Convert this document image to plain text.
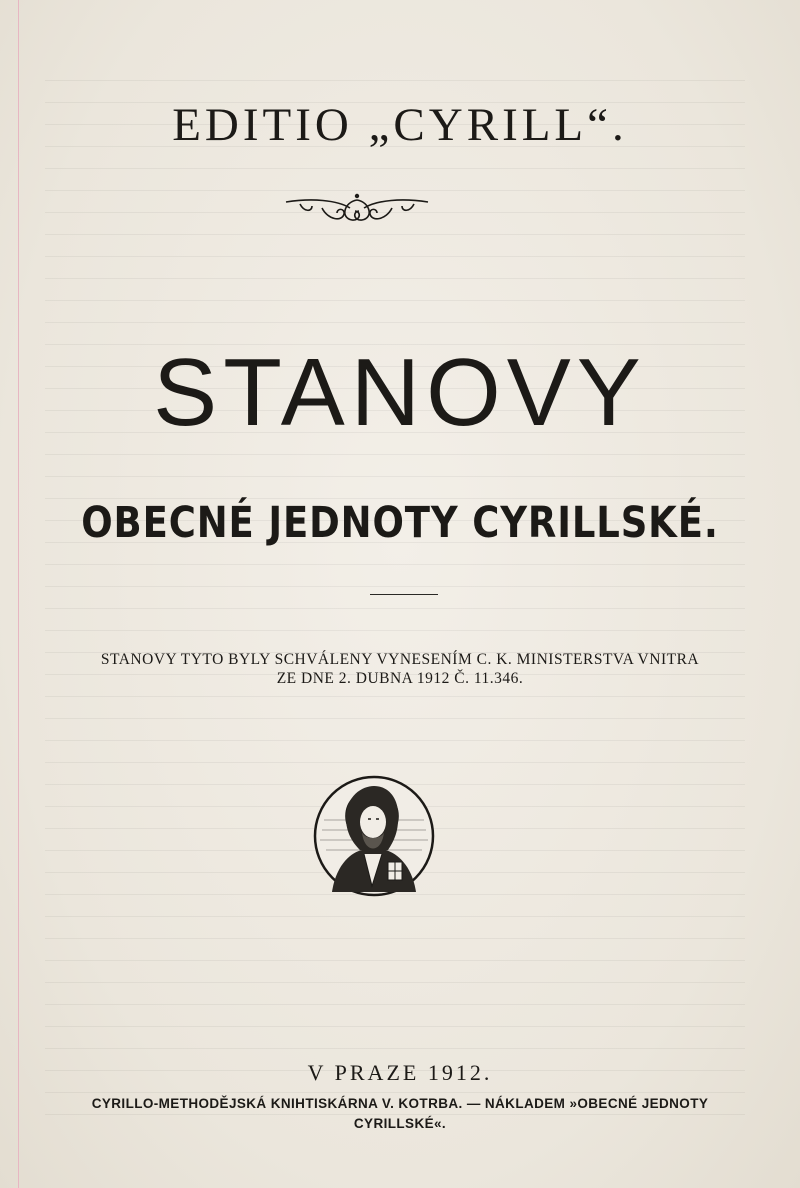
EDITIO „CYRILL“.
STANOVY
OBECNÉ JEDNOTY CYRILLSKÉ.
STANOVY TYTO BYLY SCHVÁLENY VYNESENÍM C. K. MINISTERSTVA VNITRA
ZE DNE 2. DUBNA 1912 Č. 11.346.
V PRAZE 1912.
CYRILLO-METHODĚJSKÁ KNIHTISKÁRNA V. KOTRBA. — NÁKLADEM »OBECNÉ JEDNOTY
CYRILLSKÉ«.
